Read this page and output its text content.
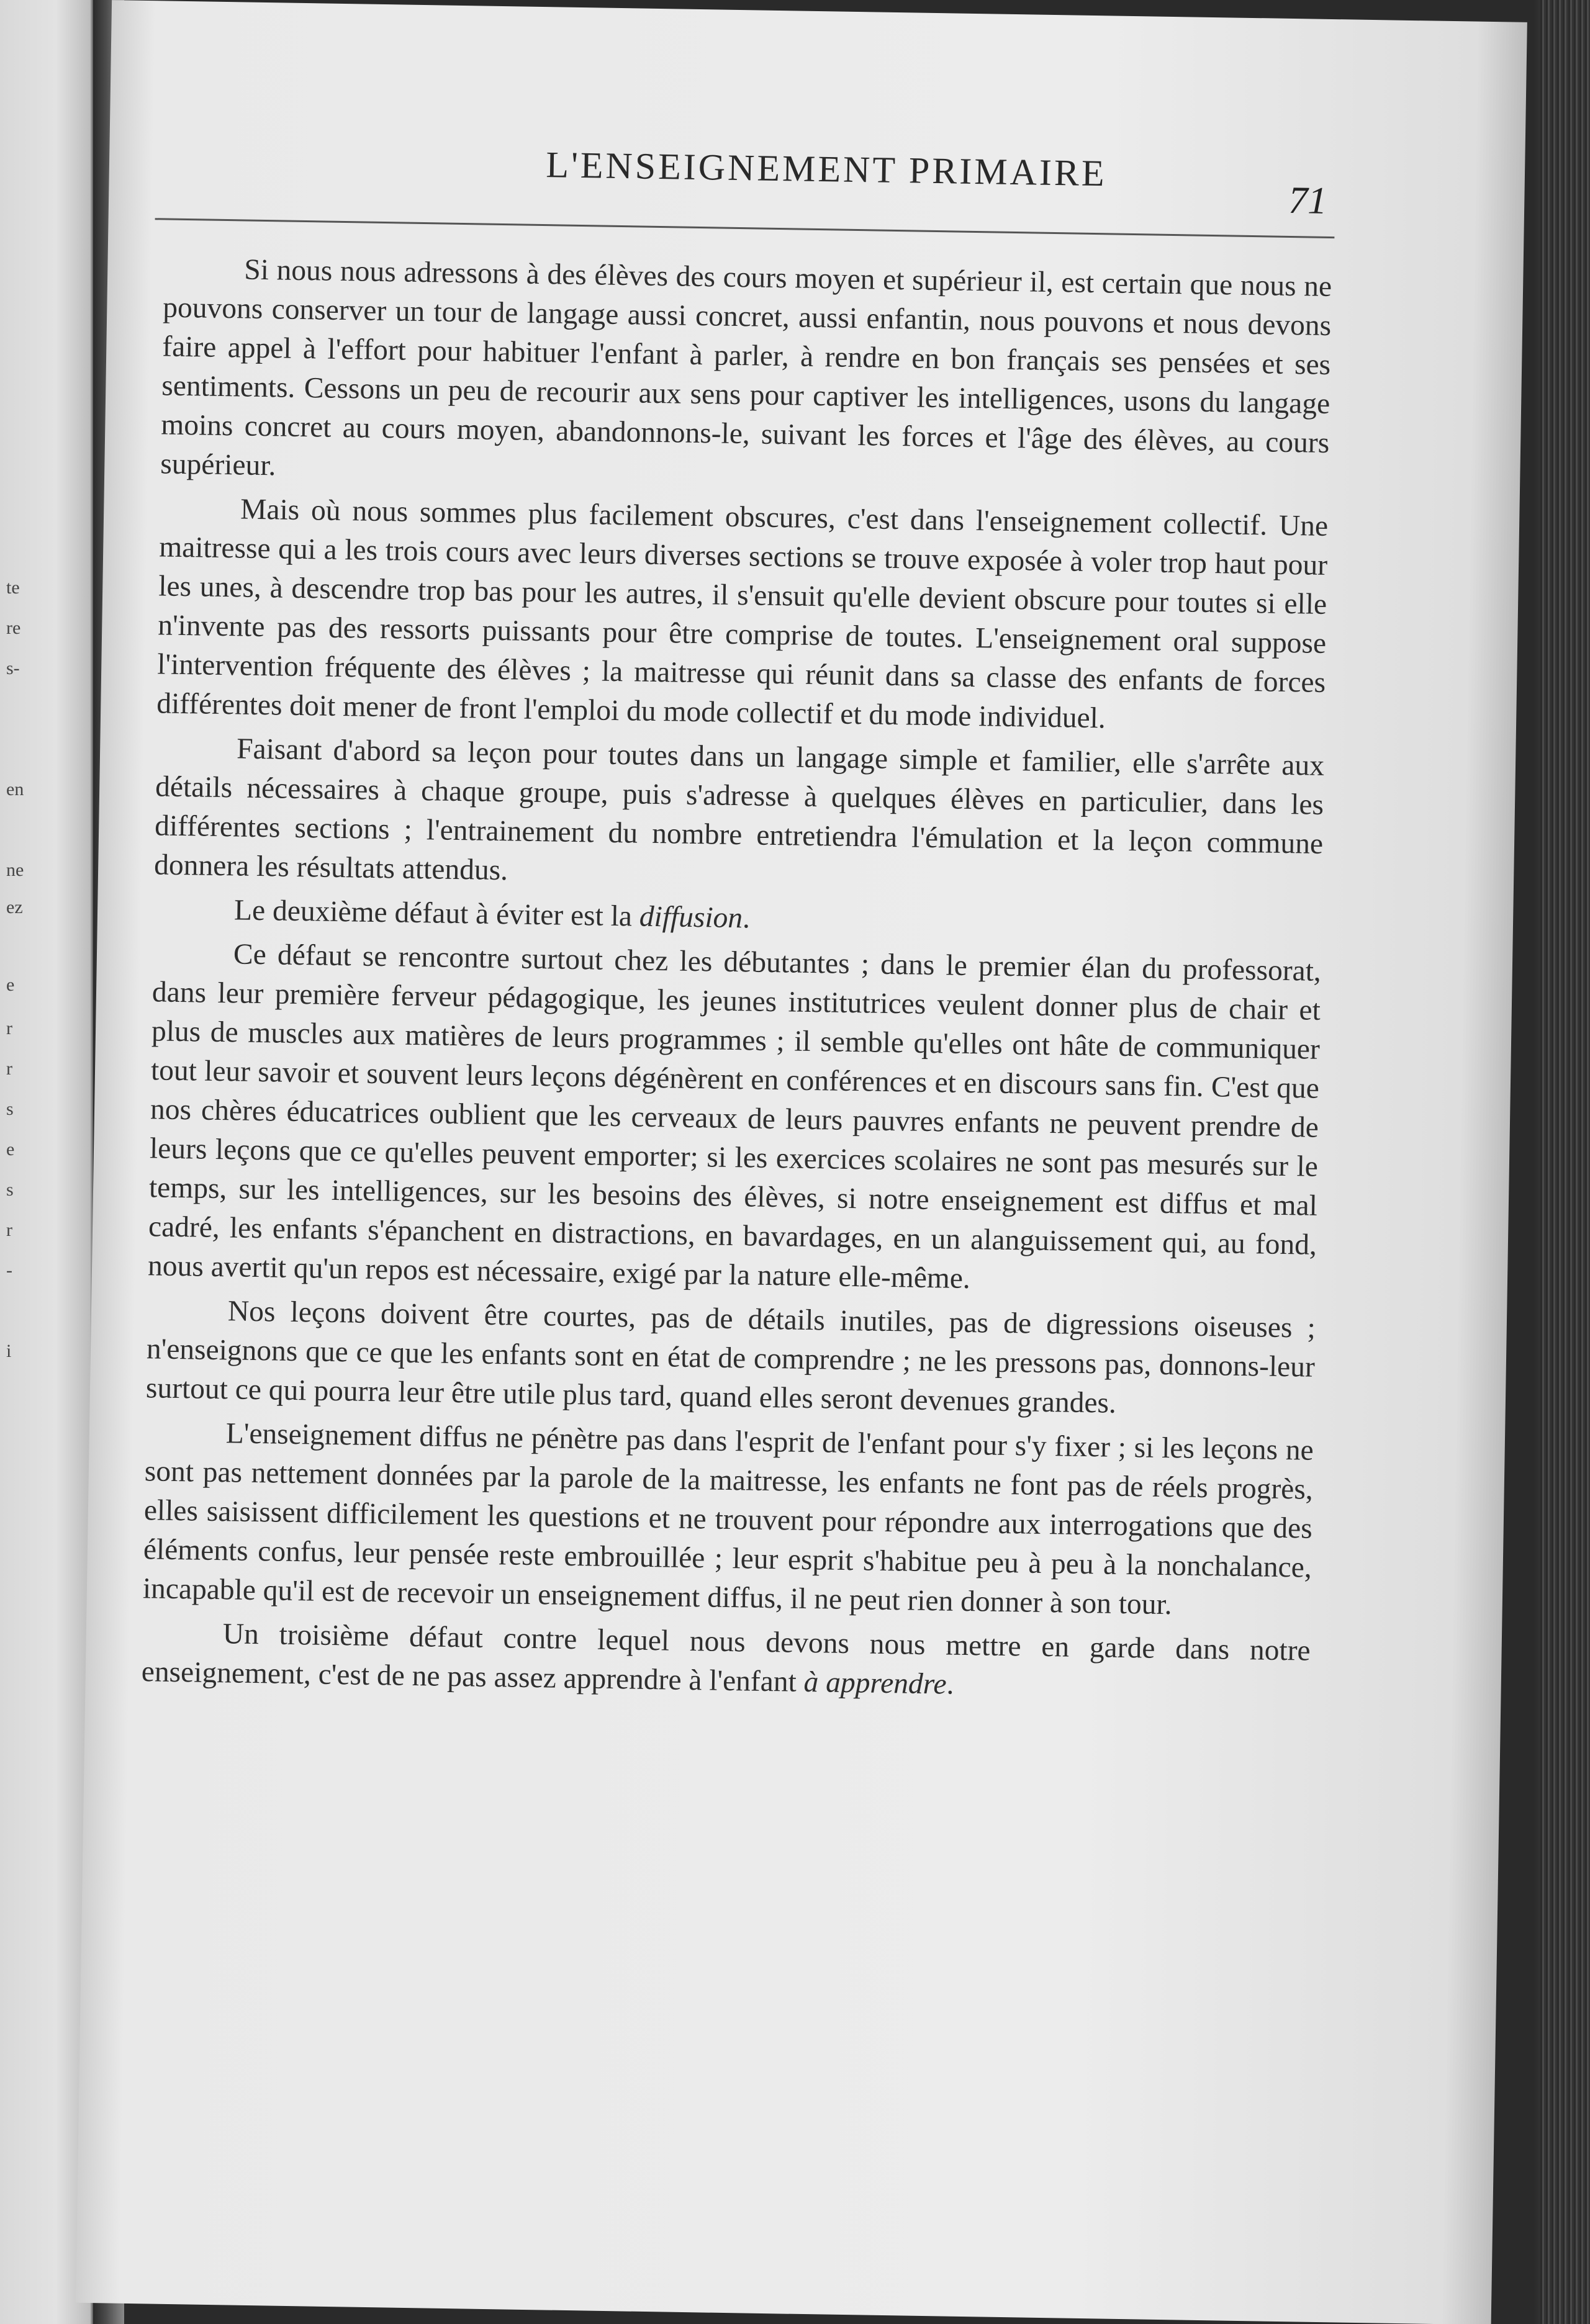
te
re
s-
en
ne
ez
e
r
r
s
e
s
r
-
i
L'ENSEIGNEMENT PRIMAIRE
71

Si nous nous adressons à des élèves des cours moyen et supérieur il, est certain que nous ne pouvons conserver un tour de langage aussi concret, aussi enfantin, nous pouvons et nous devons faire appel à l'effort pour habituer l'enfant à parler, à rendre en bon français ses pensées et ses sentiments. Cessons un peu de recourir aux sens pour captiver les intelligences, usons du langage moins concret au cours moyen, abandonnons-le, suivant les forces et l'âge des élèves, au cours supérieur.

Mais où nous sommes plus facilement obscures, c'est dans l'enseignement collectif. Une maitresse qui a les trois cours avec leurs diverses sections se trouve exposée à voler trop haut pour les unes, à descendre trop bas pour les autres, il s'ensuit qu'elle devient obscure pour toutes si elle n'invente pas des ressorts puissants pour être comprise de toutes. L'enseignement oral suppose l'intervention fréquente des élèves ; la maitresse qui réunit dans sa classe des enfants de forces différentes doit mener de front l'emploi du mode collectif et du mode individuel.

Faisant d'abord sa leçon pour toutes dans un langage simple et familier, elle s'arrête aux détails nécessaires à chaque groupe, puis s'adresse à quelques élèves en particulier, dans les différentes sections ; l'entrainement du nombre entretiendra l'émulation et la leçon commune donnera les résultats attendus.

Le deuxième défaut à éviter est la diffusion.

Ce défaut se rencontre surtout chez les débutantes ; dans le premier élan du professorat, dans leur première ferveur pédagogique, les jeunes institutrices veulent donner plus de chair et plus de muscles aux matières de leurs programmes ; il semble qu'elles ont hâte de communiquer tout leur savoir et souvent leurs leçons dégénèrent en conférences et en discours sans fin. C'est que nos chères éducatrices oublient que les cerveaux de leurs pauvres enfants ne peuvent prendre de leurs leçons que ce qu'elles peuvent emporter; si les exercices scolaires ne sont pas mesurés sur le temps, sur les intelligences, sur les besoins des élèves, si notre enseignement est diffus et mal cadré, les enfants s'épanchent en distractions, en bavardages, en un alanguissement qui, au fond, nous avertit qu'un repos est nécessaire, exigé par la nature elle-même.

Nos leçons doivent être courtes, pas de détails inutiles, pas de digressions oiseuses ; n'enseignons que ce que les enfants sont en état de comprendre ; ne les pressons pas, donnons-leur surtout ce qui pourra leur être utile plus tard, quand elles seront devenues grandes.

L'enseignement diffus ne pénètre pas dans l'esprit de l'enfant pour s'y fixer ; si les leçons ne sont pas nettement données par la parole de la maitresse, les enfants ne font pas de réels progrès, elles saisissent difficilement les questions et ne trouvent pour répondre aux interrogations que des éléments confus, leur pensée reste embrouillée ; leur esprit s'habitue peu à peu à la nonchalance, incapable qu'il est de recevoir un enseignement diffus, il ne peut rien donner à son tour.

Un troisième défaut contre lequel nous devons nous mettre en garde dans notre enseignement, c'est de ne pas assez apprendre à l'enfant à apprendre.
